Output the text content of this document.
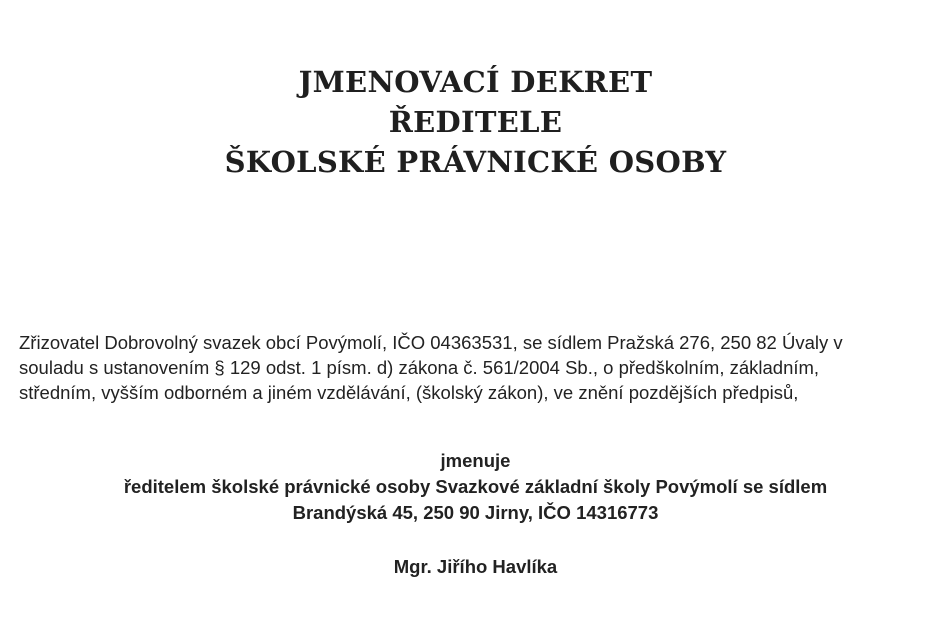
JMENOVACÍ DEKRET
ŘEDITELE
ŠKOLSKÉ PRÁVNICKÉ OSOBY
Zřizovatel Dobrovolný svazek obcí Povýmolí, IČO 04363531, se sídlem Pražská 276, 250 82 Úvaly v
souladu s ustanovením § 129 odst. 1 písm. d) zákona č. 561/2004 Sb., o předškolním, základním,
středním, vyšším odborném a jiném vzdělávání, (školský zákon), ve znění pozdějších předpisů,
jmenuje
ředitelem školské právnické osoby Svazkové základní školy Povýmolí se sídlem
Brandýská 45, 250 90 Jirny, IČO 14316773
Mgr. Jiřího Havlíka
